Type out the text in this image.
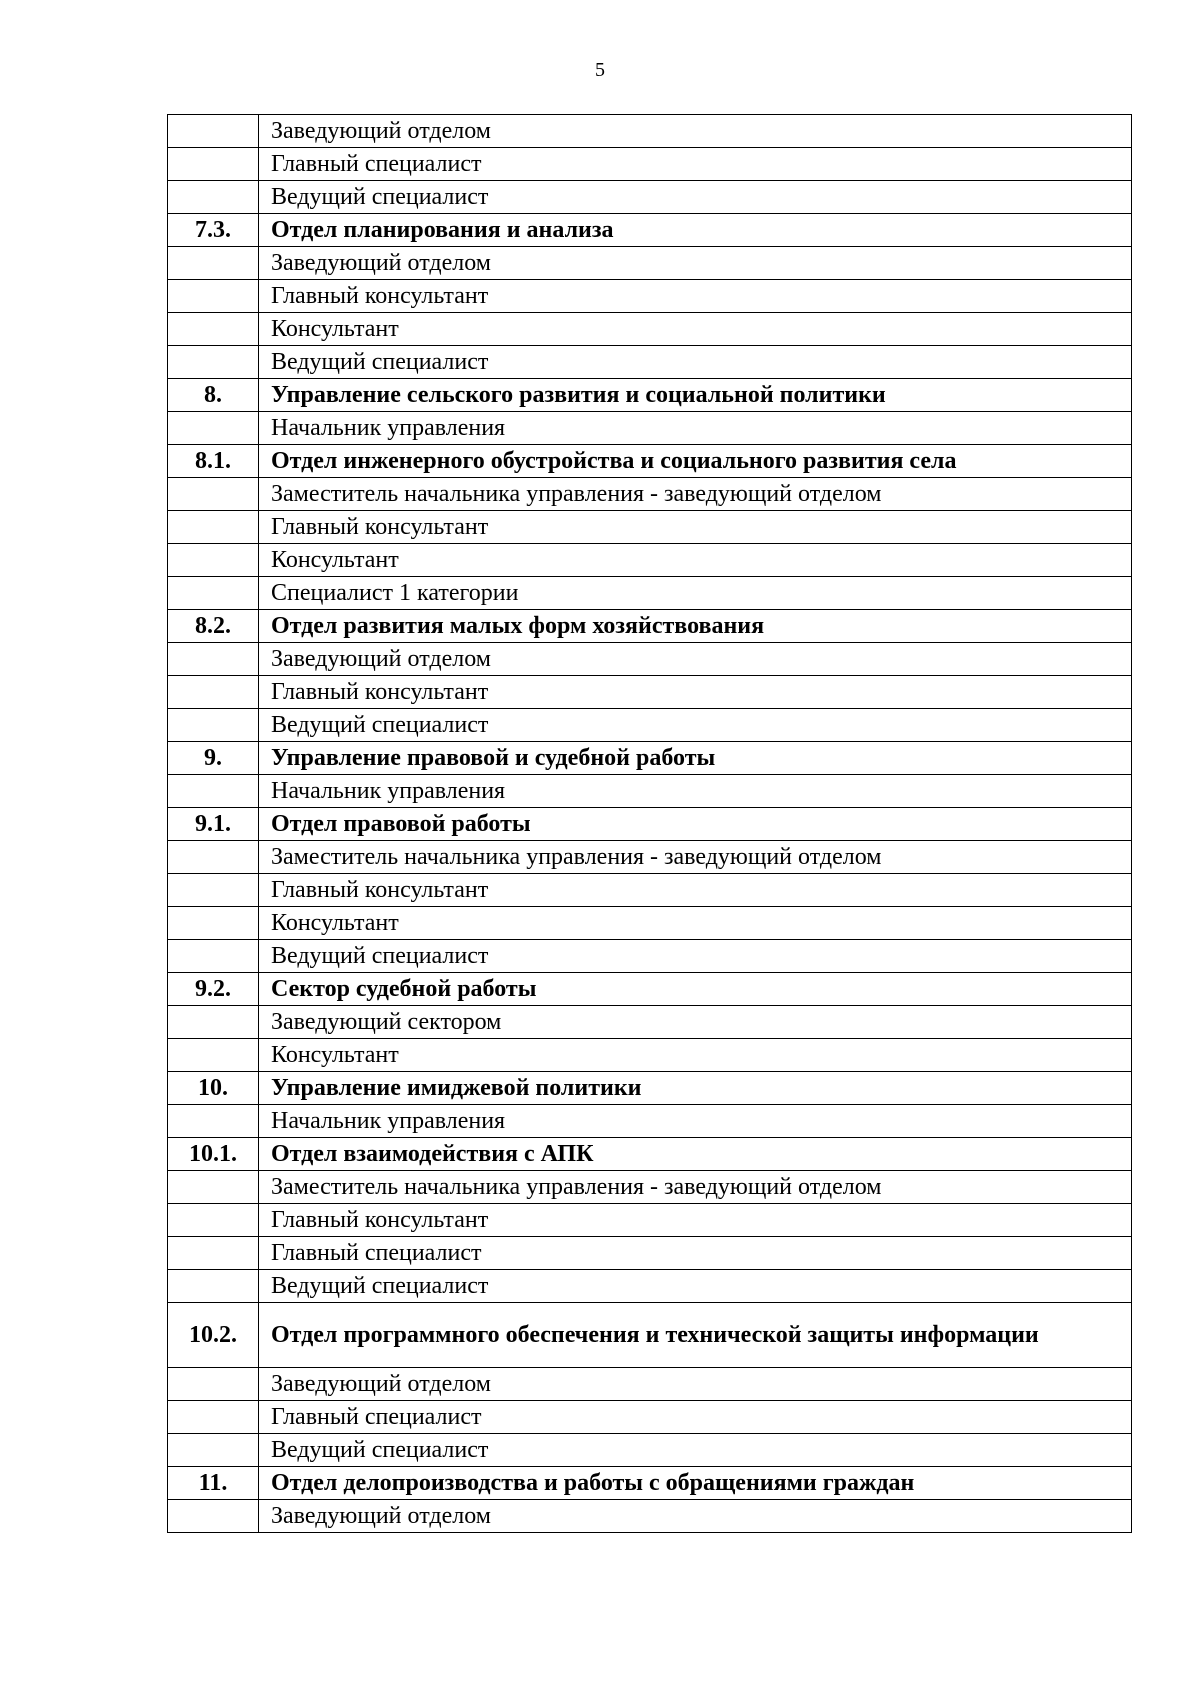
5
	Заведующий отделом
	Главный специалист
	Ведущий специалист
7.3.	Отдел планирования и анализа
	Заведующий отделом
	Главный консультант
	Консультант
	Ведущий специалист
8.	Управление сельского развития и социальной политики
	Начальник управления
8.1.	Отдел инженерного обустройства и социального развития села
	Заместитель начальника управления - заведующий отделом
	Главный консультант
	Консультант
	Специалист 1 категории
8.2.	Отдел развития малых форм хозяйствования
	Заведующий отделом
	Главный консультант
	Ведущий специалист
9.	Управление правовой и судебной работы
	Начальник управления
9.1.	Отдел правовой работы
	Заместитель начальника управления - заведующий отделом
	Главный консультант
	Консультант
	Ведущий специалист
9.2.	Сектор судебной работы
	Заведующий сектором
	Консультант
10.	Управление имиджевой политики
	Начальник управления
10.1.	Отдел взаимодействия с АПК
	Заместитель начальника управления - заведующий отделом
	Главный консультант
	Главный специалист
	Ведущий специалист
10.2.	Отдел программного обеспечения и технической защиты информации
	Заведующий отделом
	Главный специалист
	Ведущий специалист
11.	Отдел делопроизводства и работы с обращениями граждан
	Заведующий отделом
